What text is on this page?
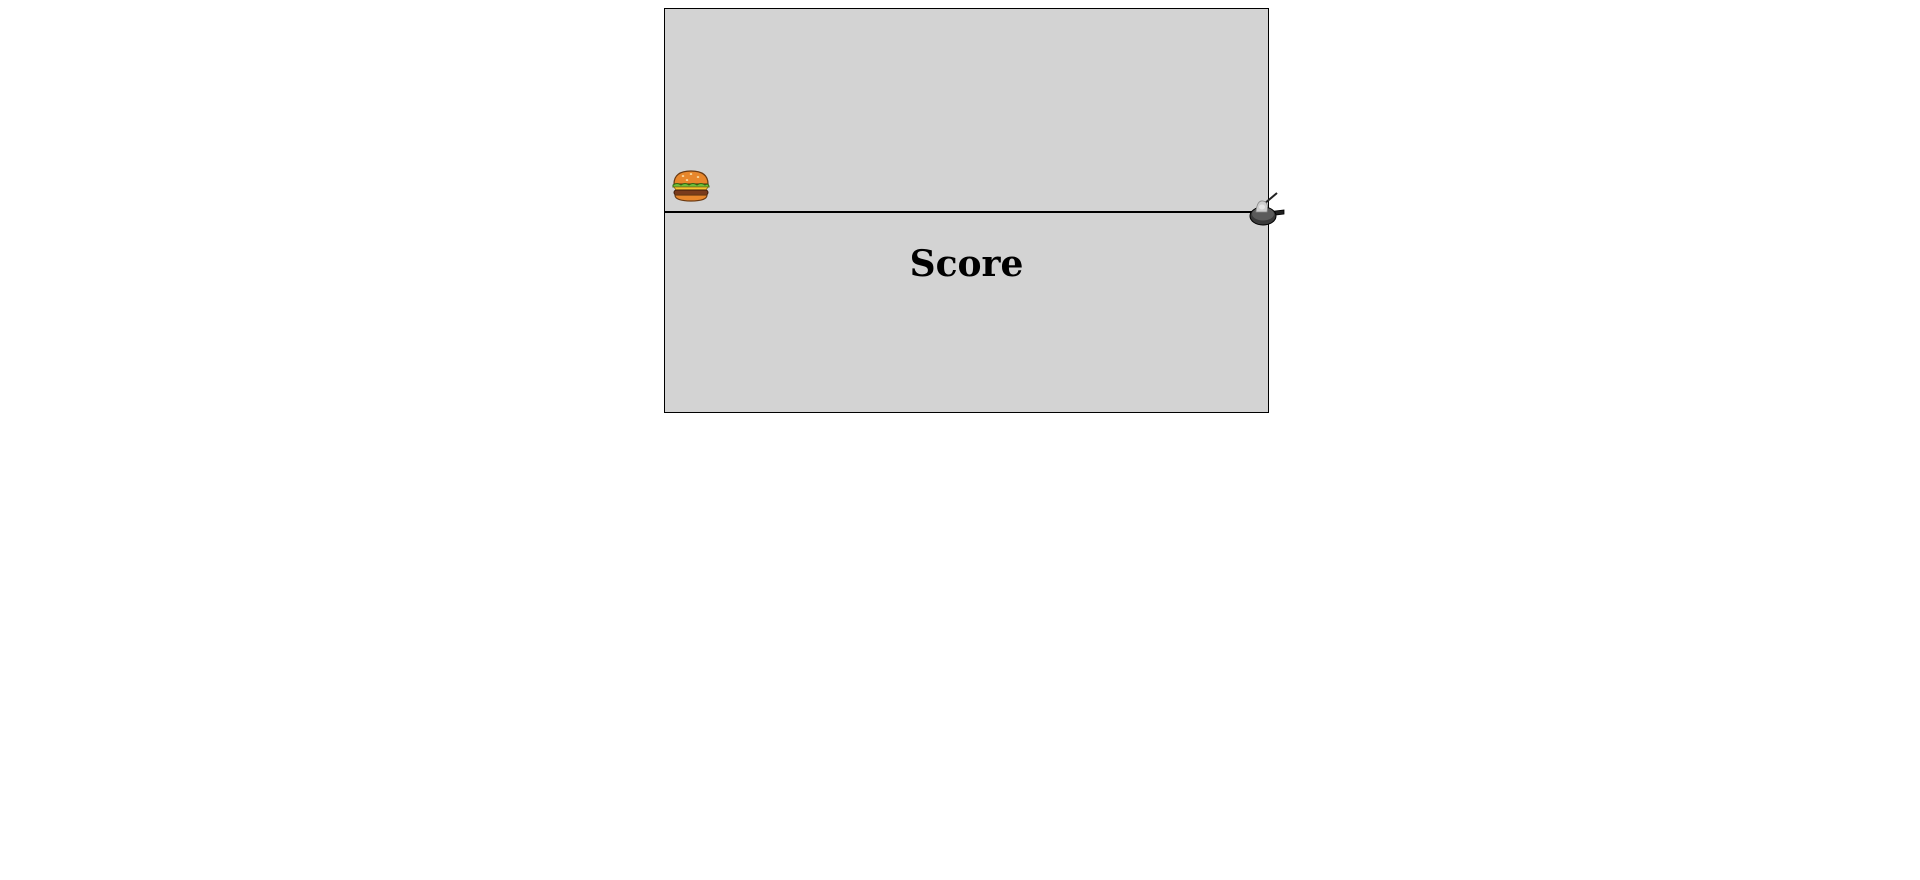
Score
